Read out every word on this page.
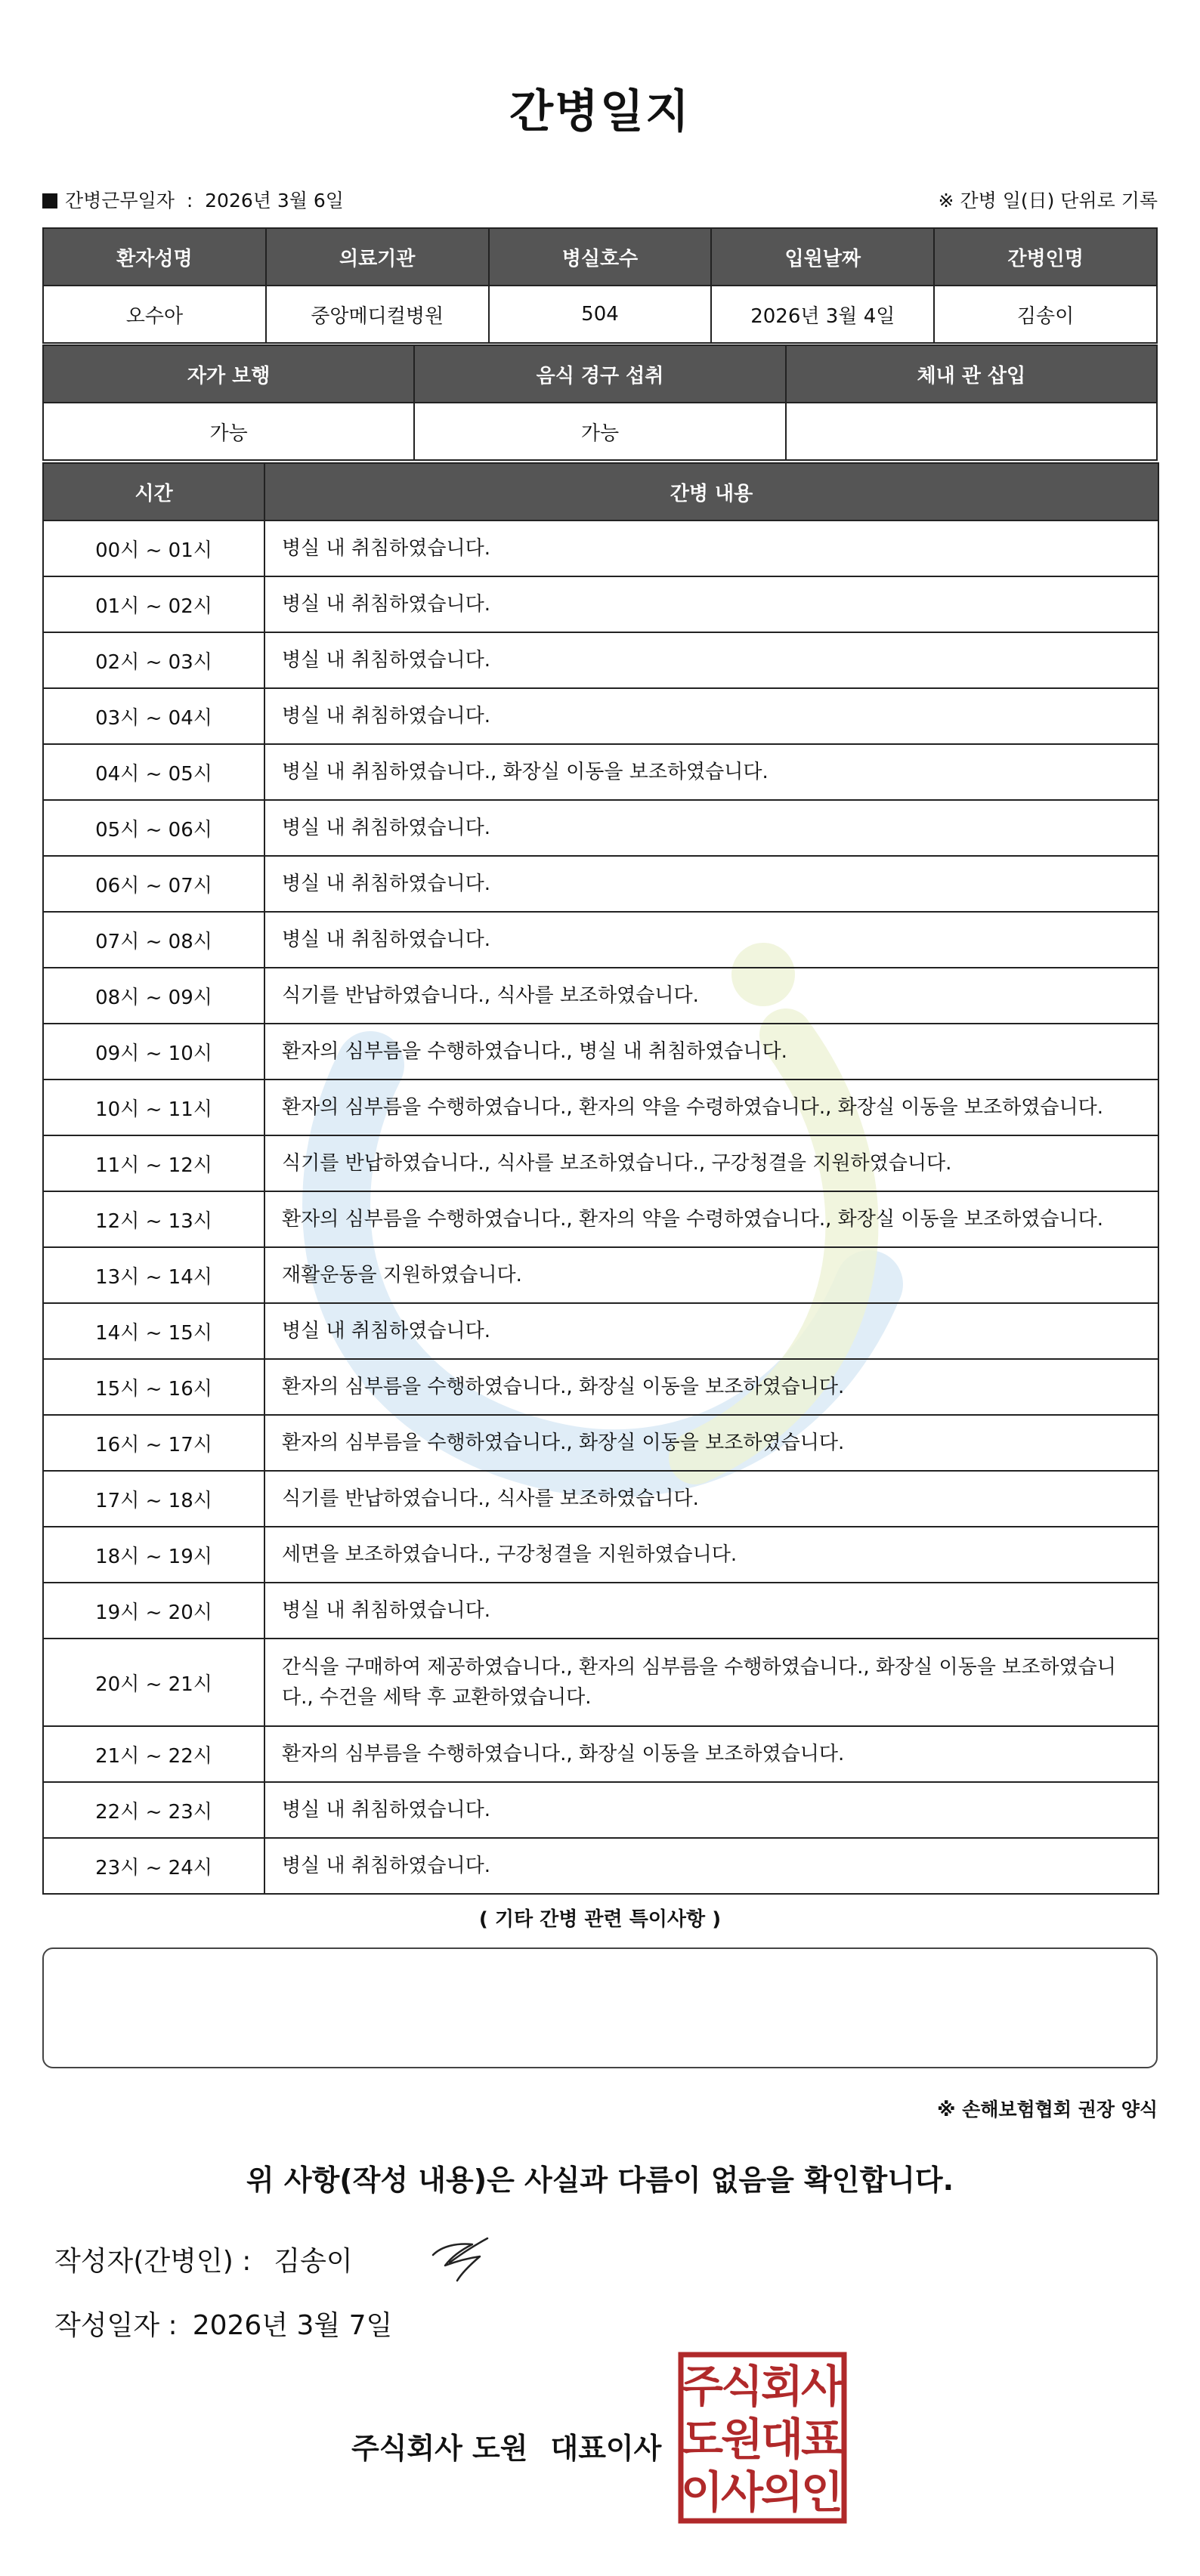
간병일지
간병근무일자 : 2026년 3월 6일	※ 간병 일(日) 단위로 기록
환자성명	의료기관	병실호수	입원날짜	간병인명
오수아	중앙메디컬병원	504	2026년 3월 4일	김송이
자가 보행	음식 경구 섭취	체내 관 삽입
가능	가능	
시간	간병 내용
00시 ~ 01시	병실 내 취침하였습니다.
01시 ~ 02시	병실 내 취침하였습니다.
02시 ~ 03시	병실 내 취침하였습니다.
03시 ~ 04시	병실 내 취침하였습니다.
04시 ~ 05시	병실 내 취침하였습니다., 화장실 이동을 보조하였습니다.
05시 ~ 06시	병실 내 취침하였습니다.
06시 ~ 07시	병실 내 취침하였습니다.
07시 ~ 08시	병실 내 취침하였습니다.
08시 ~ 09시	식기를 반납하였습니다., 식사를 보조하였습니다.
09시 ~ 10시	환자의 심부름을 수행하였습니다., 병실 내 취침하였습니다.
10시 ~ 11시	환자의 심부름을 수행하였습니다., 환자의 약을 수령하였습니다., 화장실 이동을 보조하였습니다.
11시 ~ 12시	식기를 반납하였습니다., 식사를 보조하였습니다., 구강청결을 지원하였습니다.
12시 ~ 13시	환자의 심부름을 수행하였습니다., 환자의 약을 수령하였습니다., 화장실 이동을 보조하였습니다.
13시 ~ 14시	재활운동을 지원하였습니다.
14시 ~ 15시	병실 내 취침하였습니다.
15시 ~ 16시	환자의 심부름을 수행하였습니다., 화장실 이동을 보조하였습니다.
16시 ~ 17시	환자의 심부름을 수행하였습니다., 화장실 이동을 보조하였습니다.
17시 ~ 18시	식기를 반납하였습니다., 식사를 보조하였습니다.
18시 ~ 19시	세면을 보조하였습니다., 구강청결을 지원하였습니다.
19시 ~ 20시	병실 내 취침하였습니다.
20시 ~ 21시	간식을 구매하여 제공하였습니다., 환자의 심부름을 수행하였습니다., 화장실 이동을 보조하였습니다., 수건을 세탁 후 교환하였습니다.
21시 ~ 22시	환자의 심부름을 수행하였습니다., 화장실 이동을 보조하였습니다.
22시 ~ 23시	병실 내 취침하였습니다.
23시 ~ 24시	병실 내 취침하였습니다.
( 기타 간병 관련 특이사항 )
※ 손해보험협회 권장 양식
위 사항(작성 내용)은 사실과 다름이 없음을 확인합니다.
작성자(간병인) : 김송이
작성일자 : 2026년 3월 7일
주식회사 도원 대표이사
주
식
회
사
도
원
대
표
이
사
의
인
